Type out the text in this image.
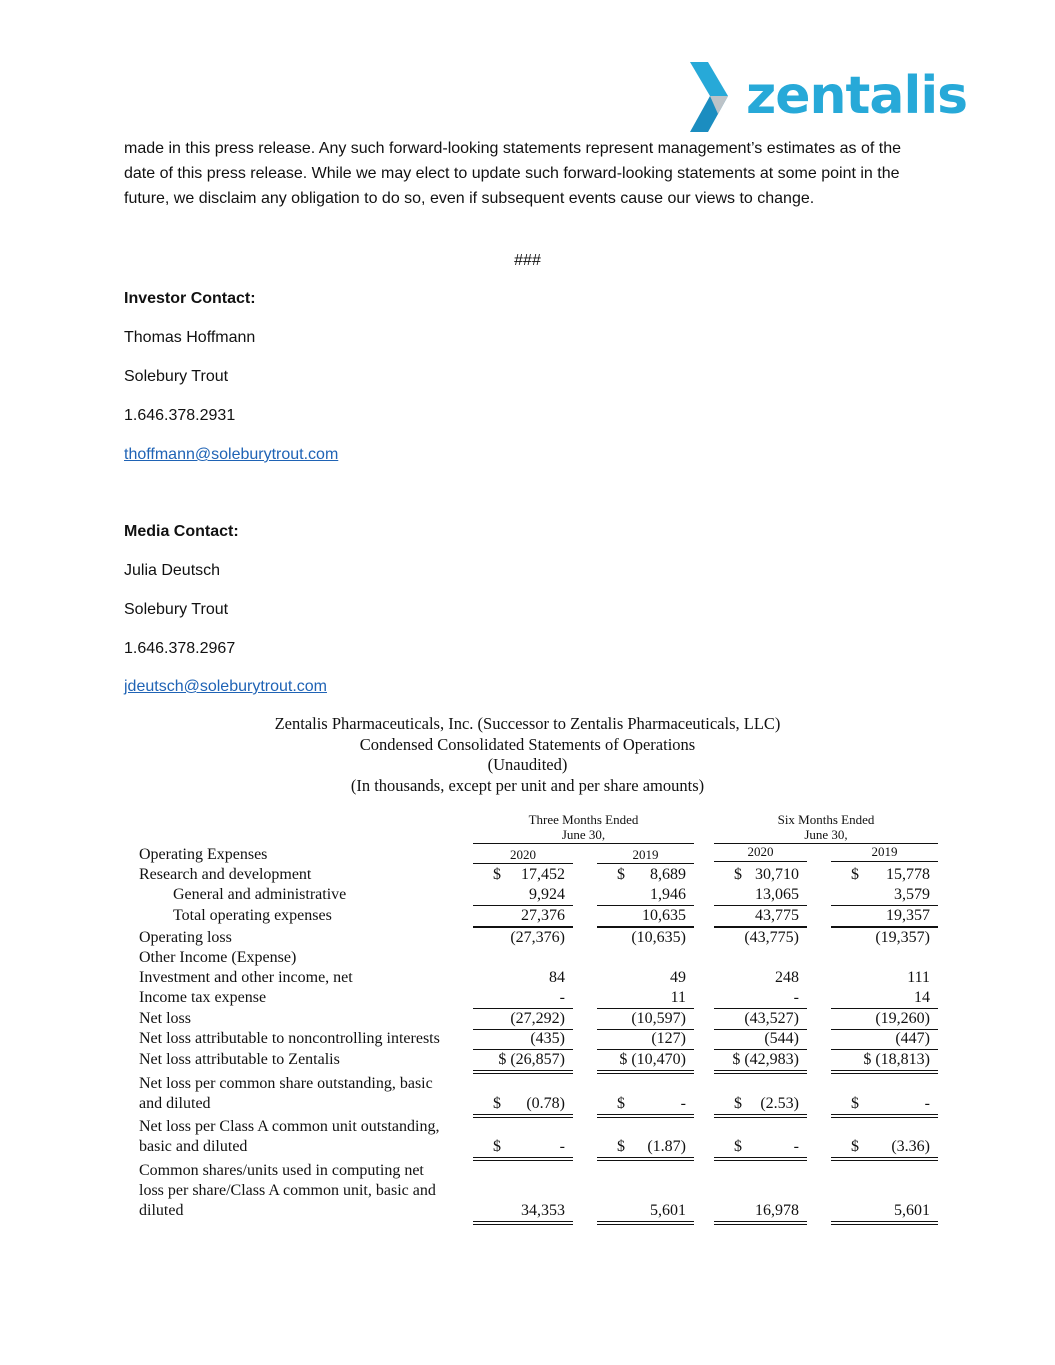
zentalis

made in this press release. Any such forward-looking statements represent management’s estimates as of the date of this press release. While we may elect to update such forward-looking statements at some point in the future, we disclaim any obligation to do so, even if subsequent events cause our views to change.

###
Investor Contact:
Thomas Hoffmann
Solebury Trout
1.646.378.2931
thoffmann@soleburytrout.com
Media Contact:
Julia Deutsch
Solebury Trout
1.646.378.2967
jdeutsch@soleburytrout.com
Zentalis Pharmaceuticals, Inc. (Successor to Zentalis Pharmaceuticals, LLC)
Condensed Consolidated Statements of Operations
(Unaudited)
(In thousands, except per unit and per share amounts)
Three Months Ended
June 30,
Six Months Ended
June 30,
2020	2019	2020	2019
Operating Expenses
Other Income (Expense)
Research and development	$	17,452	$	8,689	$ 30,710	$	15,778
General and administrative	9,924	1,946	13,065	3,579
Total operating expenses	27,376	10,635	43,775	19,357
Operating loss	(27,376)	(10,635)	(43,775)	(19,357)
Investment and other income, net	84	49	248	111
Income tax expense	-	11	-	14
Net loss	(27,292)	(10,597)	(43,527)	(19,260)
Net loss attributable to noncontrolling interests	(435)	(127)	(544)	(447)
Net loss attributable to Zentalis	$ (26,857)	$ (10,470)	$ (42,983)	$ (18,813)
Net loss per common share outstanding, basic
and diluted	$	(0.78)	$	-	$	(2.53)	$	-
Net loss per Class A common unit outstanding,
basic and diluted	$	-	$	(1.87)	$	-	$	(3.36)
Common shares/units used in computing net
loss per share/Class A common unit, basic and
diluted	34,353	5,601	16,978	5,601
